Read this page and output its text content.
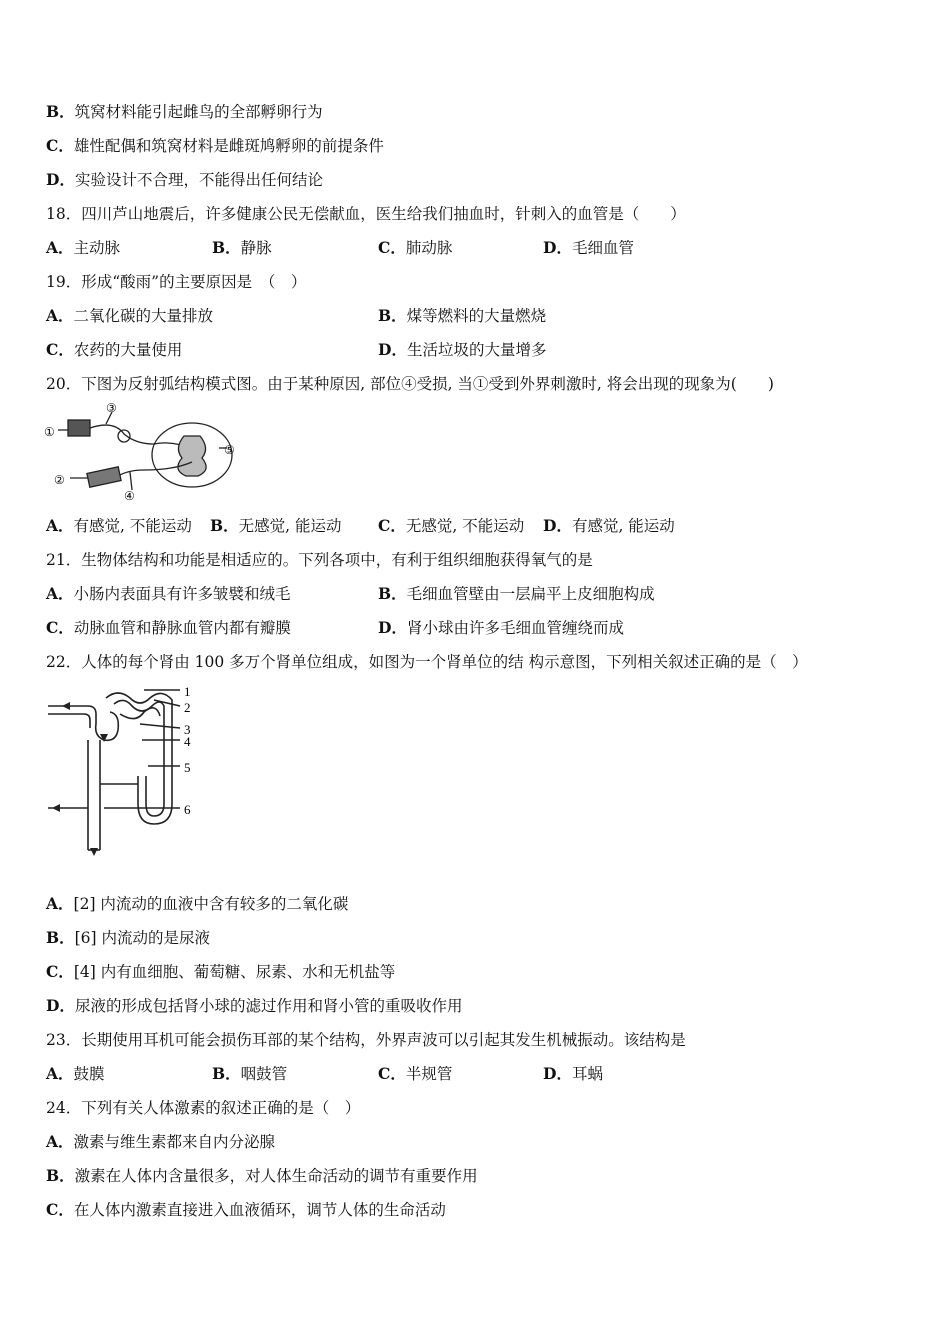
B．筑窝材料能引起雌鸟的全部孵卵行为
C．雄性配偶和筑窝材料是雌斑鸠孵卵的前提条件
D．实验设计不合理，不能得出任何结论
18．四川芦山地震后，许多健康公民无偿献血，医生给我们抽血时，针刺入的血管是（　　）
A．主动脉	B．静脉	C．肺动脉	D．毛细血管
19．形成“酸雨”的主要原因是　（　）
A．二氧化碳的大量排放	B．煤等燃料的大量燃烧
C．农药的大量使用	D．生活垃圾的大量增多
20．下图为反射弧结构模式图。由于某种原因, 部位④受损, 当①受到外界刺激时, 将会出现的现象为(　　)
①
②
③
④
⑤
A．有感觉, 不能运动 B．无感觉, 能运动 C．无感觉, 不能运动 D．有感觉, 能运动
21．生物体结构和功能是相适应的。下列各项中，有利于组织细胞获得氧气的是
A．小肠内表面具有许多皱襞和绒毛	B．毛细血管壁由一层扁平上皮细胞构成
C．动脉血管和静脉血管内都有瓣膜	D．肾小球由许多毛细血管缠绕而成
22．人体的每个肾由 100 多万个肾单位组成，如图为一个肾单位的结 构示意图，下列相关叙述正确的是（　）
1
2
3
4
5
6
A．[2] 内流动的血液中含有较多的二氧化碳
B．[6] 内流动的是尿液
C．[4] 内有血细胞、葡萄糖、尿素、水和无机盐等
D．尿液的形成包括肾小球的滤过作用和肾小管的重吸收作用
23．长期使用耳机可能会损伤耳部的某个结构，外界声波可以引起其发生机械振动。该结构是
A．鼓膜	B．咽鼓管	C．半规管	D．耳蜗
24．下列有关人体激素的叙述正确的是（　）
A．激素与维生素都来自内分泌腺
B．激素在人体内含量很多，对人体生命活动的调节有重要作用
C．在人体内激素直接进入血液循环，调节人体的生命活动
